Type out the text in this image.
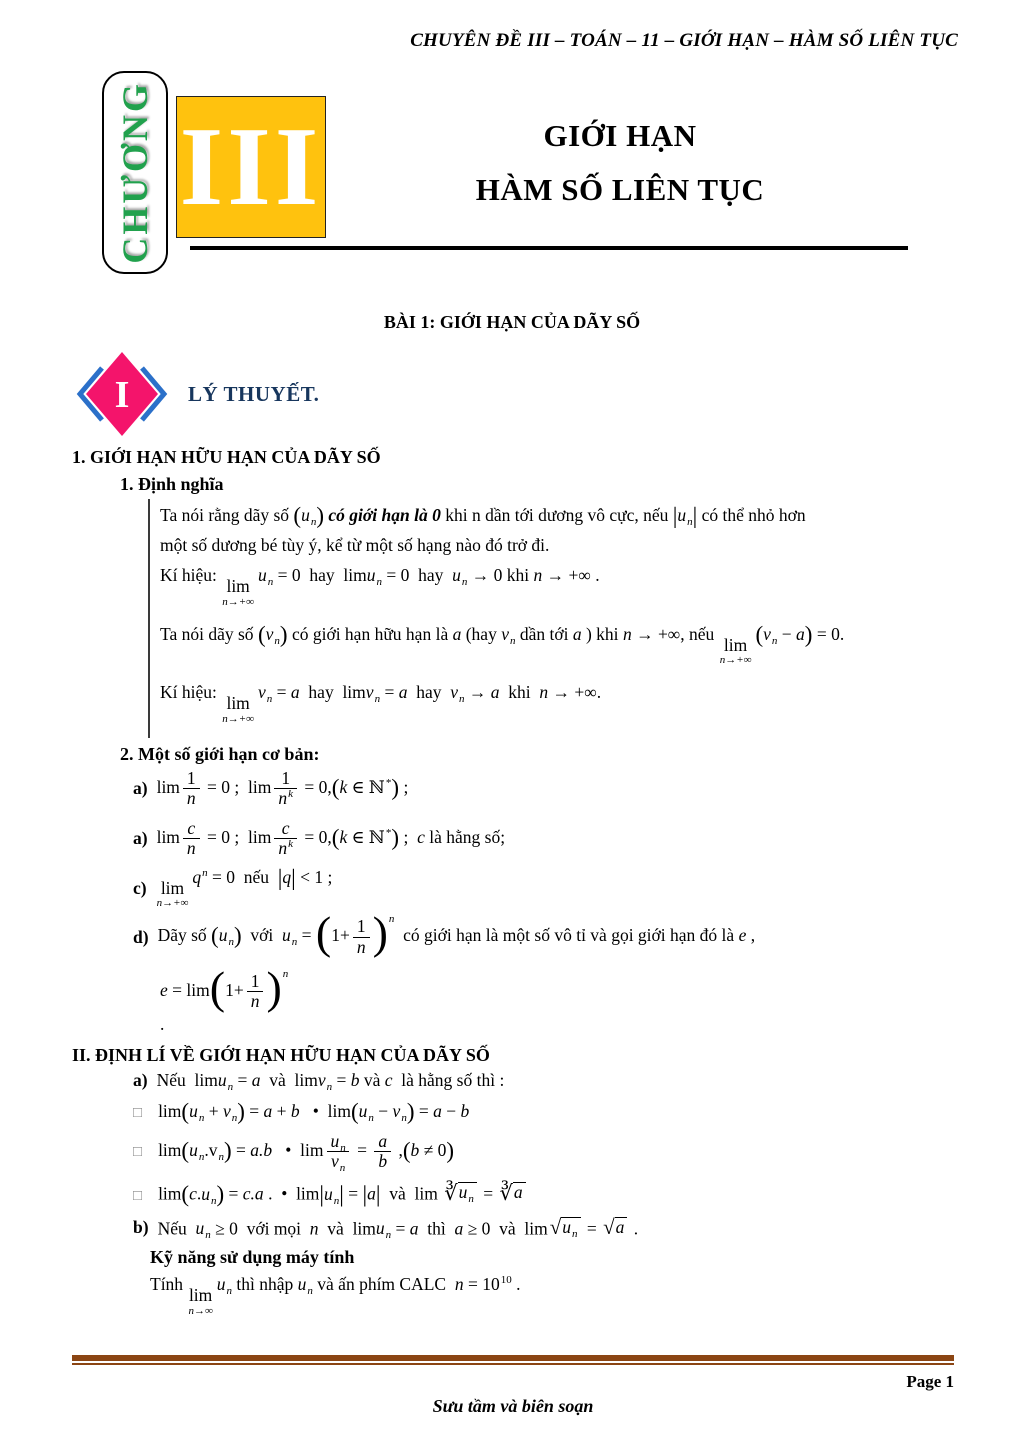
CHUYÊN ĐỀ III – TOÁN – 11 – GIỚI HẠN – HÀM SỐ LIÊN TỤC
CHƯƠNG III	GIỚI HẠN
HÀM SỐ LIÊN TỤC
BÀI 1: GIỚI HẠN CỦA DÃY SỐ
I	LÝ THUYẾT.
1. GIỚI HẠN HỮU HẠN CỦA DÃY SỐ
1. Định nghĩa
Ta nói rằng dãy số $(u_n)$ có giới hạn là 0 khi n dần tới dương vô cực, nếu $|u_n|$ có thể nhỏ hơn
một số dương bé tùy ý, kể từ một số hạng nào đó trở đi.
Kí hiệu:
lim
n→+∞
$u_n = 0$  hay  limu$_n$ = 0  hay  $u_n \to 0$ khi n → +∞ .
Ta nói dãy số $(v_n)$ có giới hạn hữu hạn là a (hay $v_n$ dần tới a ) khi n → +∞, nếu
lim
n→+∞
$(v_n - a) = 0$.
Kí hiệu:
lim
n→+∞
$v_n = a$  hay  limv$_n$ = a  hay  $v_n \to a$  khi  n → +∞.
2. Một số giới hạn cơ bản:
a) $\lim \frac{1}{n} = 0$ ;  $\lim \frac{1}{n^k} = 0,(k$ ∈ ℕ*) ;
a) $\lim \frac{c}{n} = 0$ ;  $\lim \frac{c}{n^k} = 0,(k$ ∈ ℕ*) ;  c là hằng số;
c) lim
n→+∞
$q^n = 0$  nếu  |q| < 1 ;
d) Dãy số $(u_n)$  với  $u_n = (1+ \frac{1}{n} )^n$  có giới hạn là một số vô tỉ và gọi giới hạn đó là e ,
$e = \lim(1+ \frac{1}{n} )^n$
.
II. ĐỊNH LÍ VỀ GIỚI HẠN HỮU HẠN CỦA DÃY SỐ
a) Nếu  limu$_n$ = a  và  limv$_n$ = b và c  là hằng số thì :
□ $\lim(u_n + v_n) = a + b$   •  $\lim(u_n - v_n) = a - b$
□ $\lim(u_n.v_n) = a.b$   •  $\lim \frac{u_n}{v_n} = \frac{a}{b} ,(b \ne 0)$
□ $\lim(c.u_n) = c.a$ .  •  $\lim|u_n| = |a|$  và  lim ∛ $u_n$ = ∛ a
b) Nếu  $u_n \ge 0$  với mọi  n  và  limu$_n$ = a  thì  a ≥ 0  và  lim √ $u_n$ = √ a .
Kỹ năng sử dụng máy tính
Tính
lim
n→∞
$u_n$ thì nhập $u_n$ và ấn phím CALC  $n = 10^{10}$ .
Page 1
Sưu tầm và biên soạn
